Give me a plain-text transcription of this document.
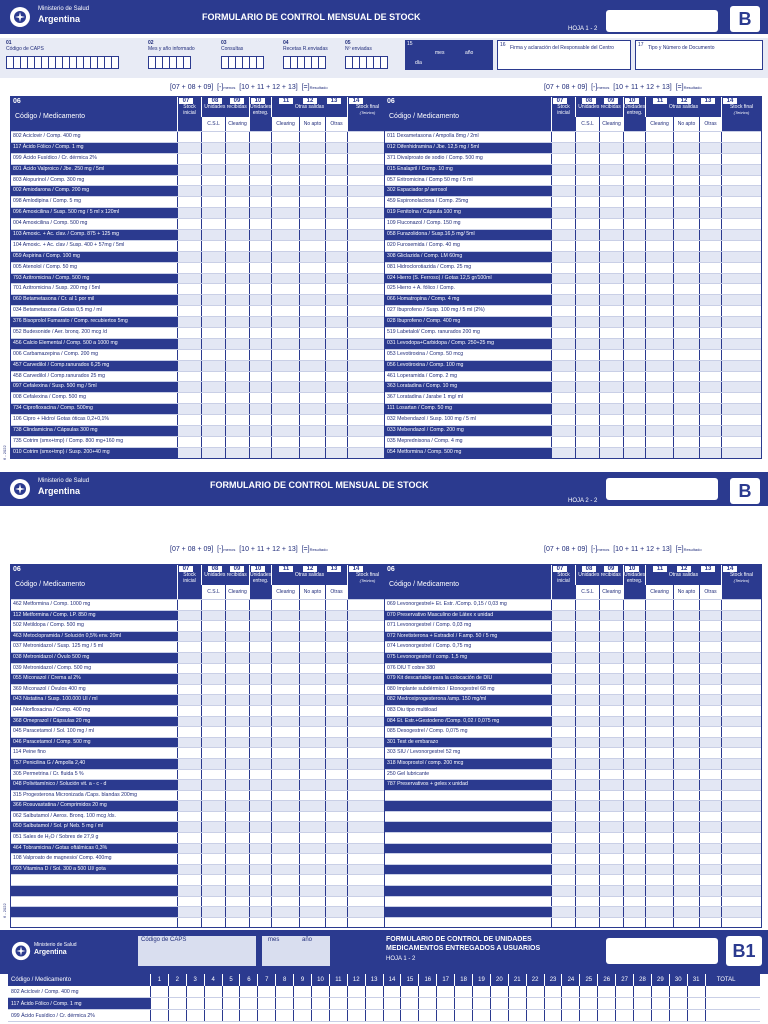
Ministerio de Salud
Argentina	FORMULARIO DE CONTROL MENSUAL DE STOCK
HOJA 1 - 2	B
01
Código de CAPS
02
Mes y año informado
03
Consultas
04
Recetas R.enviadas
05
Nº enviadas
15
día
mes	año
16 Firma y aclaración del Responsable del Centro	17 Tipo y Número de Documento
[07 + 08 + 09] [-]menos [10 + 11 + 12 + 13] [=]Resultado	[07 + 08 + 09] [-]menos [10 + 11 + 12 + 13] [=]Resultado
06
Código / Medicamento
07
Stock inicial
08	09
Unidades recibidas
C.S.L	Clearing
10
Unidades entreg.
11	12	13
Otras salidas
Clearing	No apto	Otras
14
Stock final
(Teórico)
802 Aciclovir / Comp. 400 mg
117 Ácido Fólico / Comp. 1 mg
099 Ácido Fusídico / Cr. dérmica 2%
801 Ácido Valproico / Jbe. 250 mg / 5ml
803 Alopurinol / Comp. 300 mg
002 Amiodarona / Comp. 200 mg
098 Amlodipina / Comp. 5 mg
096 Amoxicilina / Susp. 500 mg / 5 ml x 120ml
004 Amoxicilina / Comp. 500 mg
103 Amoxic. + Ac. clav. / Comp. 875 + 125 mg
104 Amoxic. + Ac. clav / Susp. 400 + 57mg / 5ml
059 Aspirina / Comp. 100 mg
005 Atenolol / Comp. 50 mg
793 Azitromicina / Comp. 500 mg
701 Azitromicina / Susp. 200 mg / 5ml
060 Betametasona / Cr. al 1 por mil
034 Betametasona / Gotas 0,5 mg / ml
376 Bisoprolol Fumarato / Comp. recubiertos 5mg
052 Budesonide / Aer. bronq. 200 mcg /d
456 Calcio Elemental / Comp. 500 a 1000 mg
006 Carbamazepina / Comp. 200 mg
457 Carvedilol / Comp.ranurados 6,25 mg
458 Carvedilol / Comp.ranurados 25 mg
097 Cefalexina / Susp. 500 mg / 5ml
008 Cefalexina / Comp. 500 mg
734 Ciprofloxacina / Comp. 500mg
106 Cipro + Hidro/ Gotas óticas 0,2+0,1%
738 Clindamicina / Cápsulas 300 mg
735 Cotrim (smx+tmp) / Comp. 800 mg+160 mg
010 Cotrim (smx+tmp) / Susp. 200+40 mg
06
Código / Medicamento
07
Stock inicial
08	09
Unidades recibidas
C.S.L	Clearing
10
Unidades entreg.
11	12	13
Otras salidas
Clearing	No apto	Otras
14
Stock final
(Teórico)
011 Dexametasona / Ampolla 8mg / 2ml
012 Difenhidramina / Jbe. 12,5 mg / 5ml
371 Divalproato de sodio / Comp. 500 mg
015 Enalapril / Comp. 10 mg
057 Eritromicina / Comp 50 mg / 5 ml
302 Espaciador p/ aerosol
459 Espironolactona / Comp. 25mg
019 Fenitoína / Cápsula 100 mg
109 Fluconazol / Comp. 150 mg
058 Furazolidona / Susp.16,5 mg/ 5ml
020 Furosemida / Comp. 40 mg
308 Gliclazida / Comp. LM 60mg
081 Hidroclorotiazida / Comp. 25 mg
024 Hierro (S. Ferroso) / Gotas 12,5 gr/100ml
025 Hierro + A. fólico / Comp.
066 Homatropina / Comp. 4 mg
027 Ibuprofeno / Susp. 100 mg / 5 ml (2%)
028 Ibuprofeno / Comp. 400 mg
519 Labetalol/ Comp. ranurados 200 mg
031 Levodopa+Carbidopa / Comp. 250+25 mg
053 Levotiroxina / Comp. 50 mcg
056 Levotiroxina / Comp. 100 mg
461 Loperamida / Comp. 2 mg
363 Loratadina / Comp. 10 mg
367 Loratadina / Jarabe 1 mg/ ml
111 Losartan / Comp. 50 mg
032 Mebendazol / Susp. 100 mg / 5 ml
033 Mebendazol / Comp. 200 mg
035 Meprednisona / Comp. 4 mg
054 Metformina / Comp. 500 mg
6 - 2022
Ministerio de Salud
Argentina
FORMULARIO DE CONTROL MENSUAL DE STOCK
HOJA 2 - 2	B
[07 + 08 + 09] [-]menos [10 + 11 + 12 + 13] [=]Resultado	[07 + 08 + 09] [-]menos [10 + 11 + 12 + 13] [=]Resultado
06
Código / Medicamento
07
Stock inicial
08	09
Unidades recibidas
C.S.L	Clearing
10
Unidades entreg.
11	12	13
Otras salidas
Clearing	No apto	Otras
14
Stock final
(Teórico)
462 Metformina / Comp. 1000 mg
112 Metformina / Comp. LP. 850 mg
502 Metildopa / Comp. 500 mg
463 Metoclopramida / Solución 0,5% env. 20ml
037 Metronidazol / Susp. 125 mg / 5 ml
038 Metronidazol / Óvulo 500 mg
039 Metronidazol / Comp. 500 mg
055 Miconazol / Crema al 2%
369 Miconazol / Óvulos 400 mg
043 Nistatina / Susp. 100.000 UI / ml
044 Norfloxacina / Comp. 400 mg
368 Omeprazol / Cápsulas 20 mg
045 Paracetamol / Sol. 100 mg / ml
046 Paracetamol / Comp. 500 mg
114 Peine fino
757 Penicilina G / Ampolla 2,40
305 Permetrina / Cr. fluida 5 %
048 Polivitamínico / Solución vit. a - c - d
315 Progesterona Micronizada /Caps. blandas 200mg
366 Rosuvastatina / Comprimidos 20 mg
062 Salbutamol / Aeros. Bronq. 100 mcg /ds.
050 Salbutamol / Sol. p/ Neb. 5 mg / ml
051 Sales de H₂O / Sobres de 27,9 g
464 Tobramicina / Gotas oftálmicas 0,3%
108 Valproato de magnesio/ Comp. 400mg
093 Vitamina D / Sol. 300 a 500 UI/ gota
06
Código / Medicamento
07
Stock inicial
08	09
Unidades recibidas
C.S.L	Clearing
10
Unidades entreg.
11	12	13
Otras salidas
Clearing	No apto	Otras
14
Stock final
(Teórico)
069 Levonorgestrel+ Et. Estr. /Comp. 0,15 / 0,03 mg
070 Preservativo Masculino de Látex x unidad
071 Levonorgestrel / Comp. 0,03 mg
072 Noretisterona + Estradiol / F.amp. 50 / 5 mg
074 Levonorgestrel / Comp. 0,75 mg
075 Levonorgestrel / comp. 1,5 mg
076 DIU T cobre 380
079 Kit descartable para la colocación de DIU
080 Implante subdérmico / Etonogestrel 68 mg
082 Medroxiprogesterona /amp. 150 mg/ml
083 Diu tipo multiload
084 Et. Estr.+Gestodeno /Comp. 0,02 / 0,075 mg
085 Desogestrel / Comp. 0,075 mg
301 Test de embarazo
303 SIU / Levonorgestrel 52 mg
318 Misoprostol / comp. 200 mcg
250 Gel lubricante
787 Preservativos + geles x unidad
6 - 2022
Ministerio de Salud
Argentina
Código de CAPS	mes	año	FORMULARIO DE CONTROL DE UNIDADES
MEDICAMENTOS ENTREGADOS A USUARIOS
HOJA 1 - 2	B1
Código / Medicamento	1	2	3	4	5	6	7	8	9	10	11	12	13	14	15	16	17	18	19	20	21	22	23	24	25	26	27	28	29	30	31	TOTAL
802 Aciclovir / Comp. 400 mg
117 Ácido Fólico / Comp. 1 mg
099 Ácido Fusídico / Cr. dérmica 2%
